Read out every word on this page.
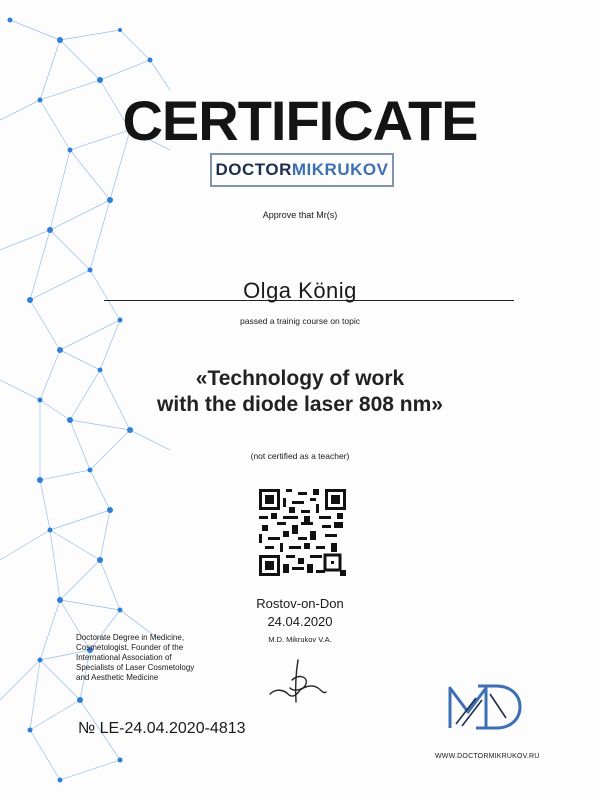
CERTIFICATE
DOCTOR MIKRUKOV
Approve that Mr(s)
Olga König
passed a trainig course on topic
«Technology of work
with the diode laser 808 nm»
(not certified as a teacher)
Rostov-on-Don
24.04.2020
M.D. Mikrukov V.A.
Doctorate Degree in Medicine,
Cosmetologist, Founder of the
International Association of
Specialists of Laser Cosmetology
and Aesthetic Medicine
№ LE-24.04.2020-4813
WWW.DOCTORMIKRUKOV.RU
